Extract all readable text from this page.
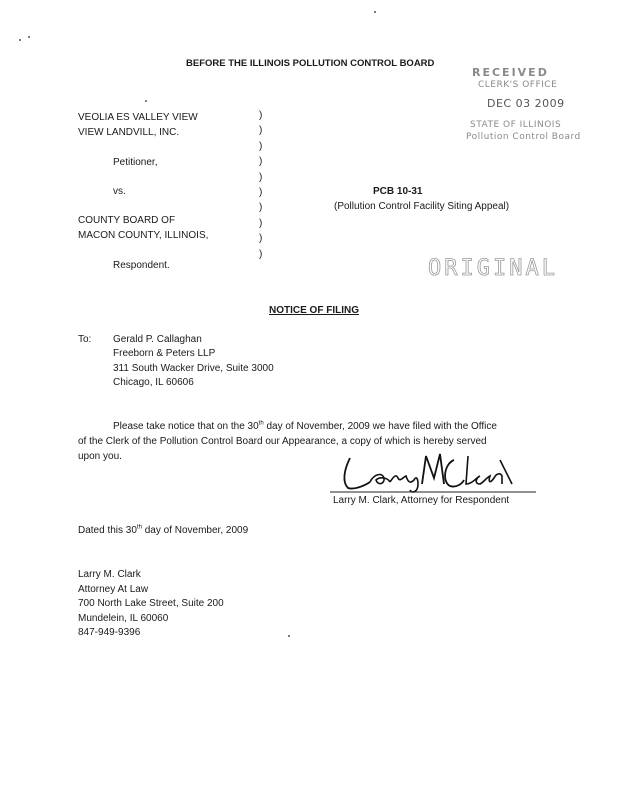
BEFORE THE ILLINOIS POLLUTION CONTROL BOARD
RECEIVED
CLERK'S OFFICE
DEC 03 2009
STATE OF ILLINOIS
Pollution Control Board
VEOLIA ES VALLEY VIEW
VIEW LANDVILL, INC.
Petitioner,
vs.
COUNTY BOARD OF
MACON COUNTY, ILLINOIS,
Respondent.
)
)
)
)
)
)
)
)
)
)
PCB 10-31
(Pollution Control Facility Siting Appeal)
ORIGINAL
NOTICE OF FILING
To: Gerald P. Callaghan
Freeborn & Peters LLP
311 South Wacker Drive, Suite 3000
Chicago, IL 60606
Please take notice that on the 30th day of November, 2009 we have filed with the Office
of the Clerk of the Pollution Control Board our Appearance, a copy of which is hereby served
upon you.
Larry M. Clark, Attorney for Respondent
Dated this 30th day of November, 2009
Larry M. Clark
Attorney At Law
700 North Lake Street, Suite 200
Mundelein, IL 60060
847-949-9396
